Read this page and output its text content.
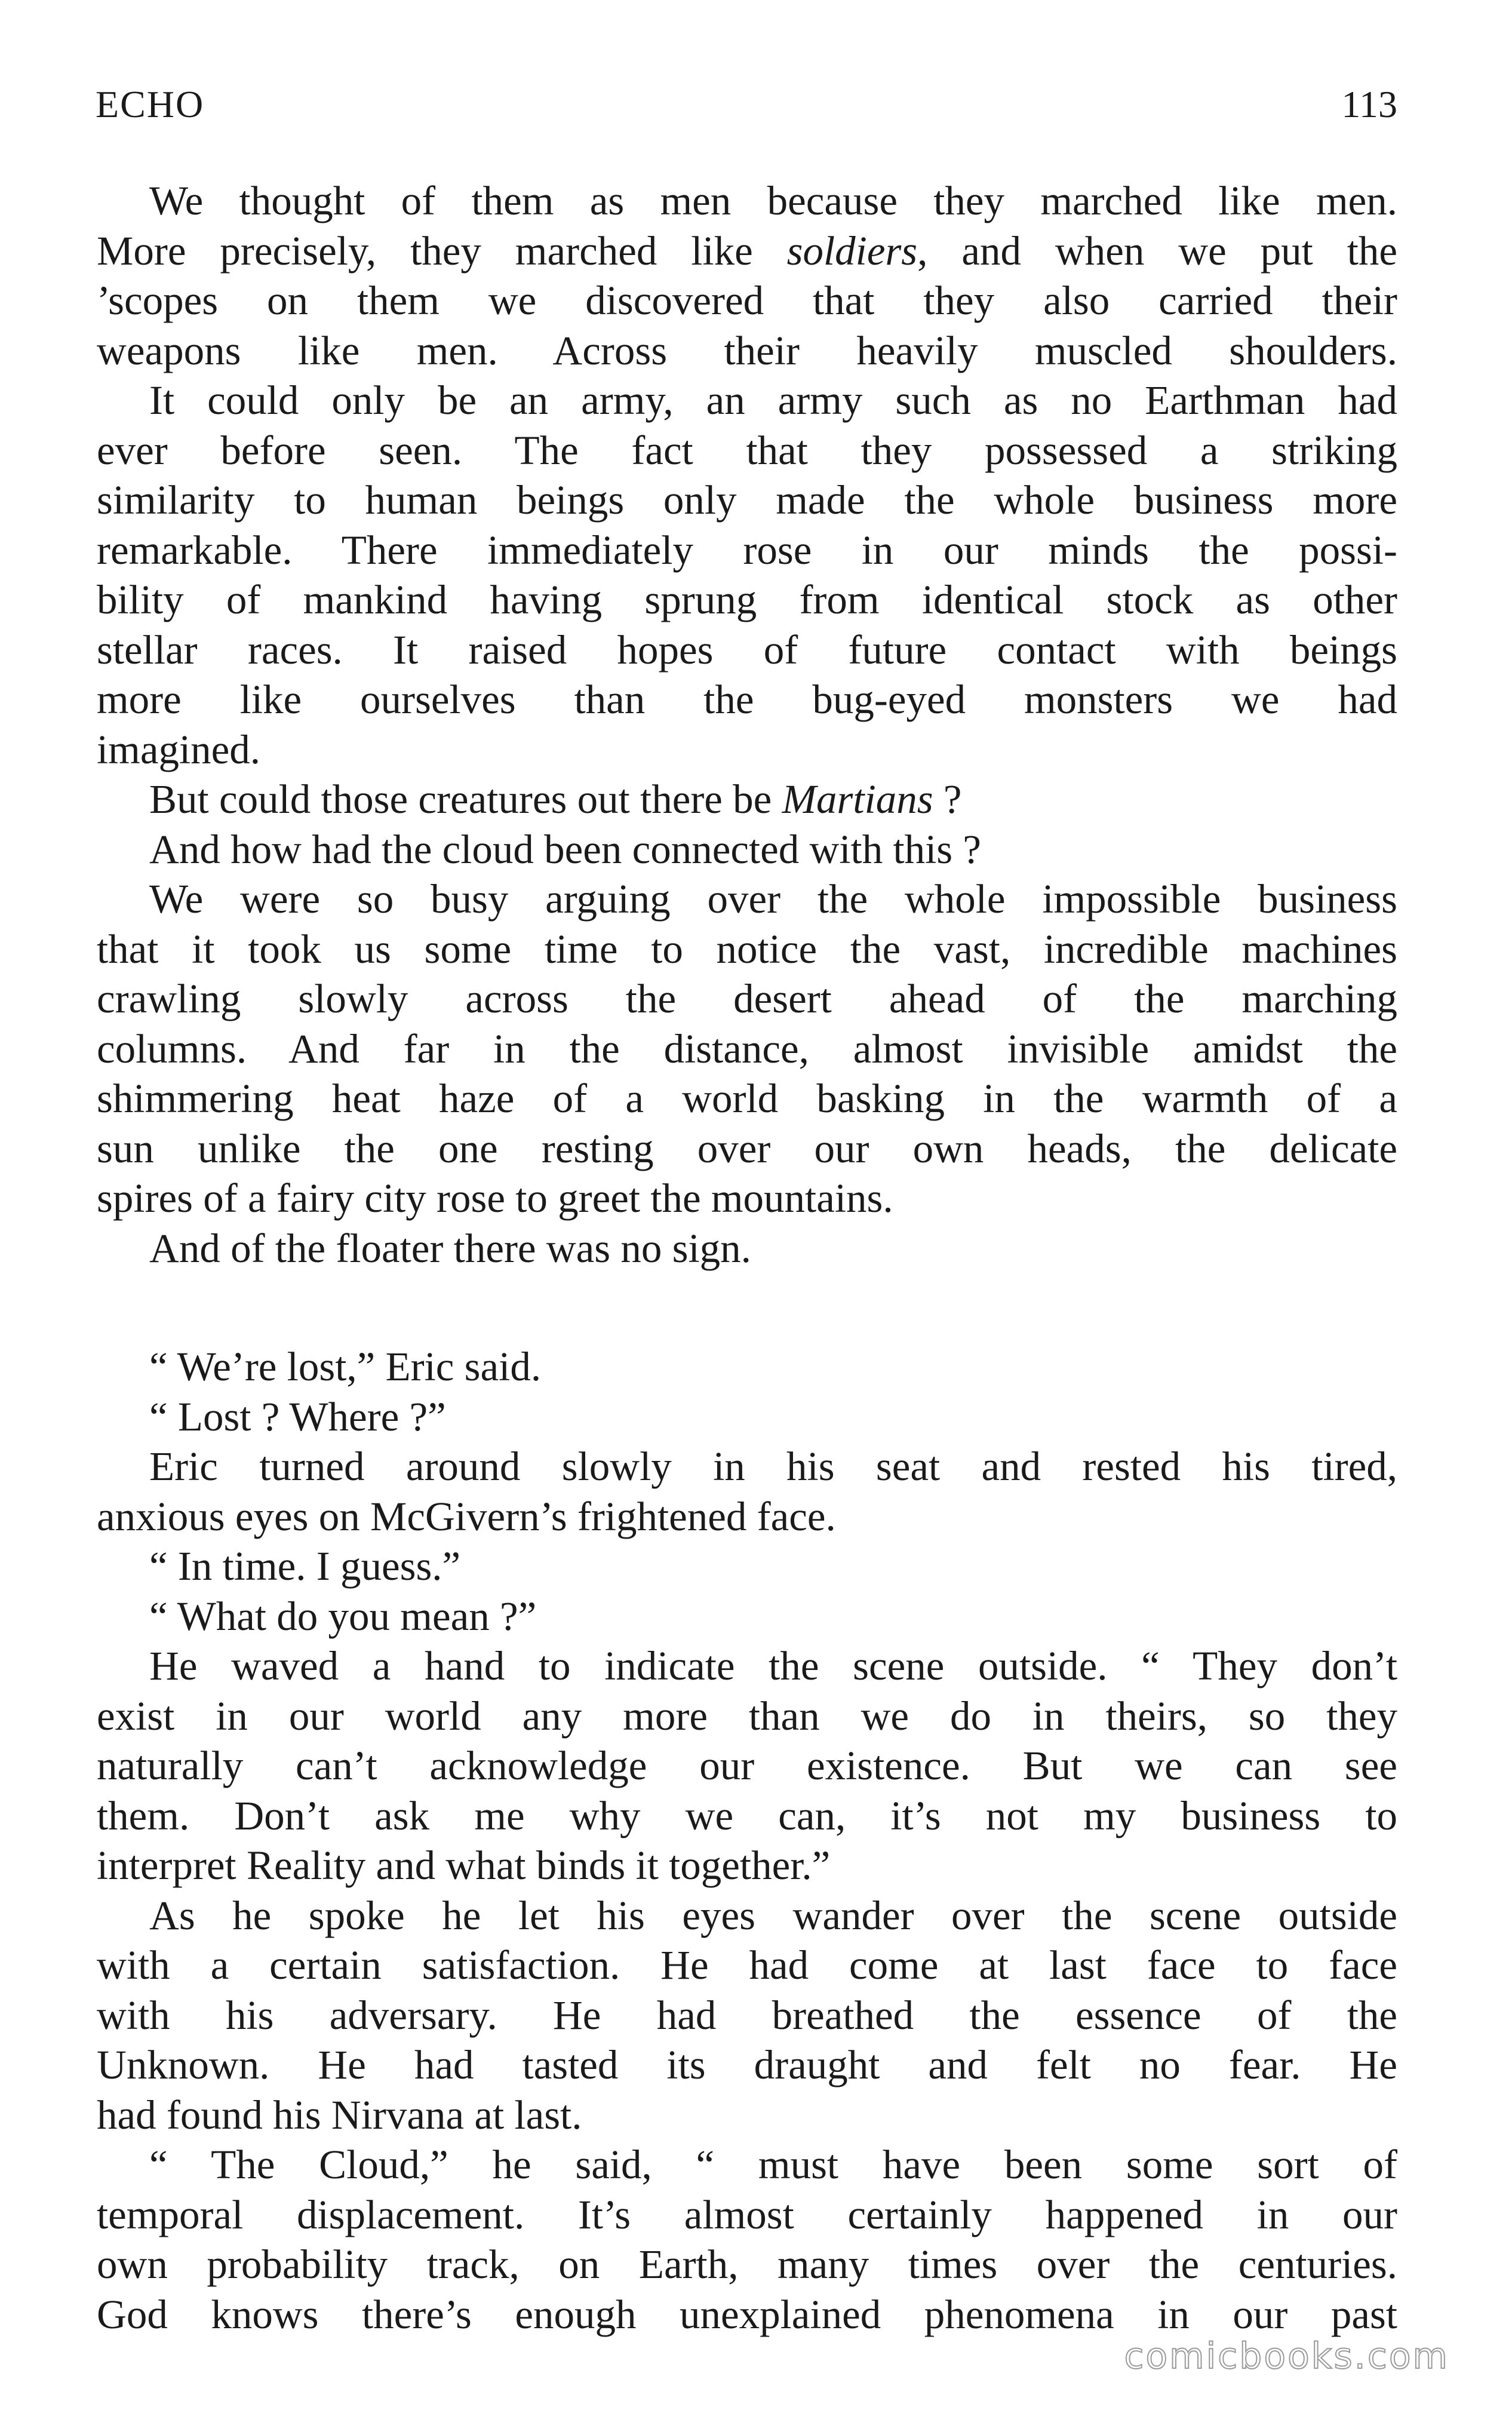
ECHO	113
We thought of them as men because they marched like men.
More precisely, they marched like soldiers, and when we put the
’scopes on them we discovered that they also carried their
weapons like men. Across their heavily muscled shoulders.
It could only be an army, an army such as no Earthman had
ever before seen. The fact that they possessed a striking
similarity to human beings only made the whole business more
remarkable. There immediately rose in our minds the possi-
bility of mankind having sprung from identical stock as other
stellar races. It raised hopes of future contact with beings
more like ourselves than the bug-eyed monsters we had
imagined.
But could those creatures out there be Martians ?
And how had the cloud been connected with this ?
We were so busy arguing over the whole impossible business
that it took us some time to notice the vast, incredible machines
crawling slowly across the desert ahead of the marching
columns. And far in the distance, almost invisible amidst the
shimmering heat haze of a world basking in the warmth of a
sun unlike the one resting over our own heads, the delicate
spires of a fairy city rose to greet the mountains.
And of the floater there was no sign.
“ We’re lost,” Eric said.
“ Lost ? Where ?”
Eric turned around slowly in his seat and rested his tired,
anxious eyes on McGivern’s frightened face.
“ In time. I guess.”
“ What do you mean ?”
He waved a hand to indicate the scene outside. “ They don’t
exist in our world any more than we do in theirs, so they
naturally can’t acknowledge our existence. But we can see
them. Don’t ask me why we can, it’s not my business to
interpret Reality and what binds it together.”
As he spoke he let his eyes wander over the scene outside
with a certain satisfaction. He had come at last face to face
with his adversary. He had breathed the essence of the
Unknown. He had tasted its draught and felt no fear. He
had found his Nirvana at last.
“ The Cloud,” he said, “ must have been some sort of
temporal displacement. It’s almost certainly happened in our
own probability track, on Earth, many times over the centuries.
God knows there’s enough unexplained phenomena in our past
comicbooks.com
